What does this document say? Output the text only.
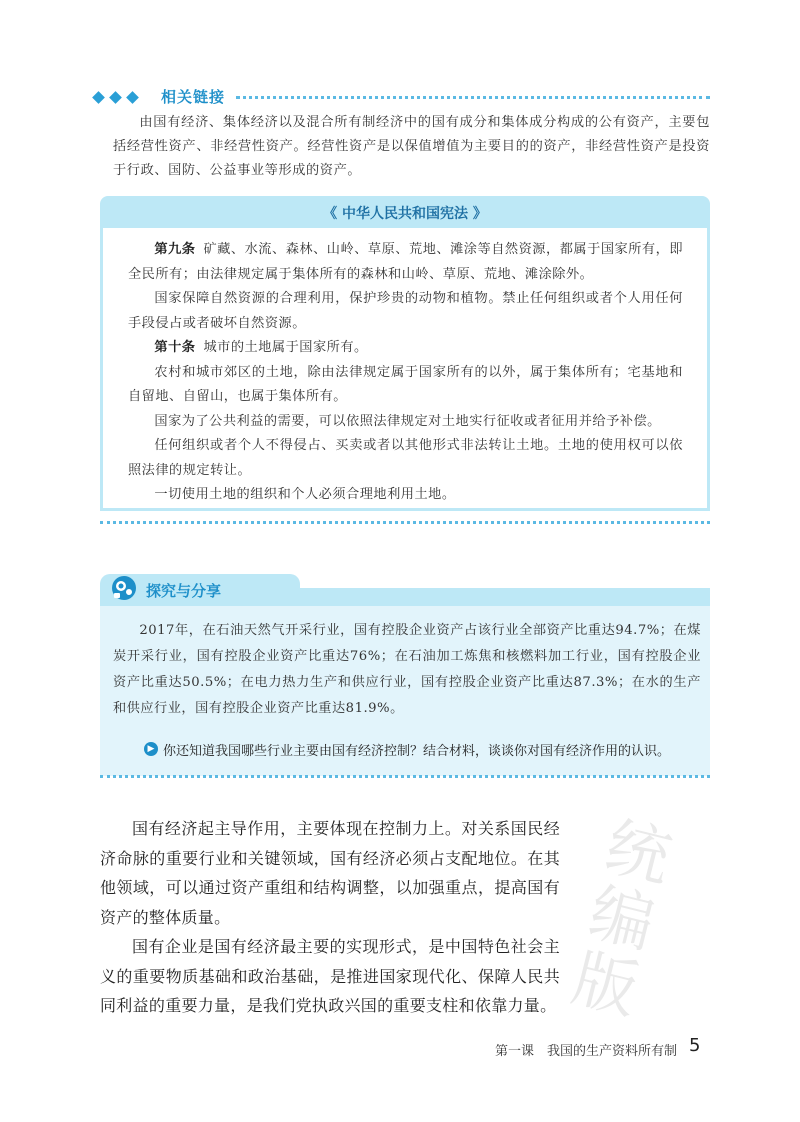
相关链接
由国有经济、集体经济以及混合所有制经济中的国有成分和集体成分构成的公有资产，主要包括经营性资产、非经营性资产。经营性资产是以保值增值为主要目的的资产，非经营性资产是投资于行政、国防、公益事业等形成的资产。
《 中华人民共和国宪法 》

第九条 矿藏、水流、森林、山岭、草原、荒地、滩涂等自然资源，都属于国家所有，即全民所有；由法律规定属于集体所有的森林和山岭、草原、荒地、滩涂除外。

国家保障自然资源的合理利用，保护珍贵的动物和植物。禁止任何组织或者个人用任何手段侵占或者破坏自然资源。

第十条 城市的土地属于国家所有。

农村和城市郊区的土地，除由法律规定属于国家所有的以外，属于集体所有；宅基地和自留地、自留山，也属于集体所有。

国家为了公共利益的需要，可以依照法律规定对土地实行征收或者征用并给予补偿。

任何组织或者个人不得侵占、买卖或者以其他形式非法转让土地。土地的使用权可以依照法律的规定转让。

一切使用土地的组织和个人必须合理地利用土地。

探究与分享
2017年，在石油天然气开采行业，国有控股企业资产占该行业全部资产比重达94.7%；在煤炭开采行业，国有控股企业资产比重达76%；在石油加工炼焦和核燃料加工行业，国有控股企业资产比重达50.5%；在电力热力生产和供应行业，国有控股企业资产比重达87.3%；在水的生产和供应行业，国有控股企业资产比重达81.9%。
▶ 你还知道我国哪些行业主要由国有经济控制？结合材料，谈谈你对国有经济作用的认识。
统编版

国有经济起主导作用，主要体现在控制力上。对关系国民经济命脉的重要行业和关键领域，国有经济必须占支配地位。在其他领域，可以通过资产重组和结构调整，以加强重点，提高国有资产的整体质量。

国有企业是国有经济最主要的实现形式，是中国特色社会主义的重要物质基础和政治基础，是推进国家现代化、保障人民共同利益的重要力量，是我们党执政兴国的重要支柱和依靠力量。

第一课　我国的生产资料所有制 5
